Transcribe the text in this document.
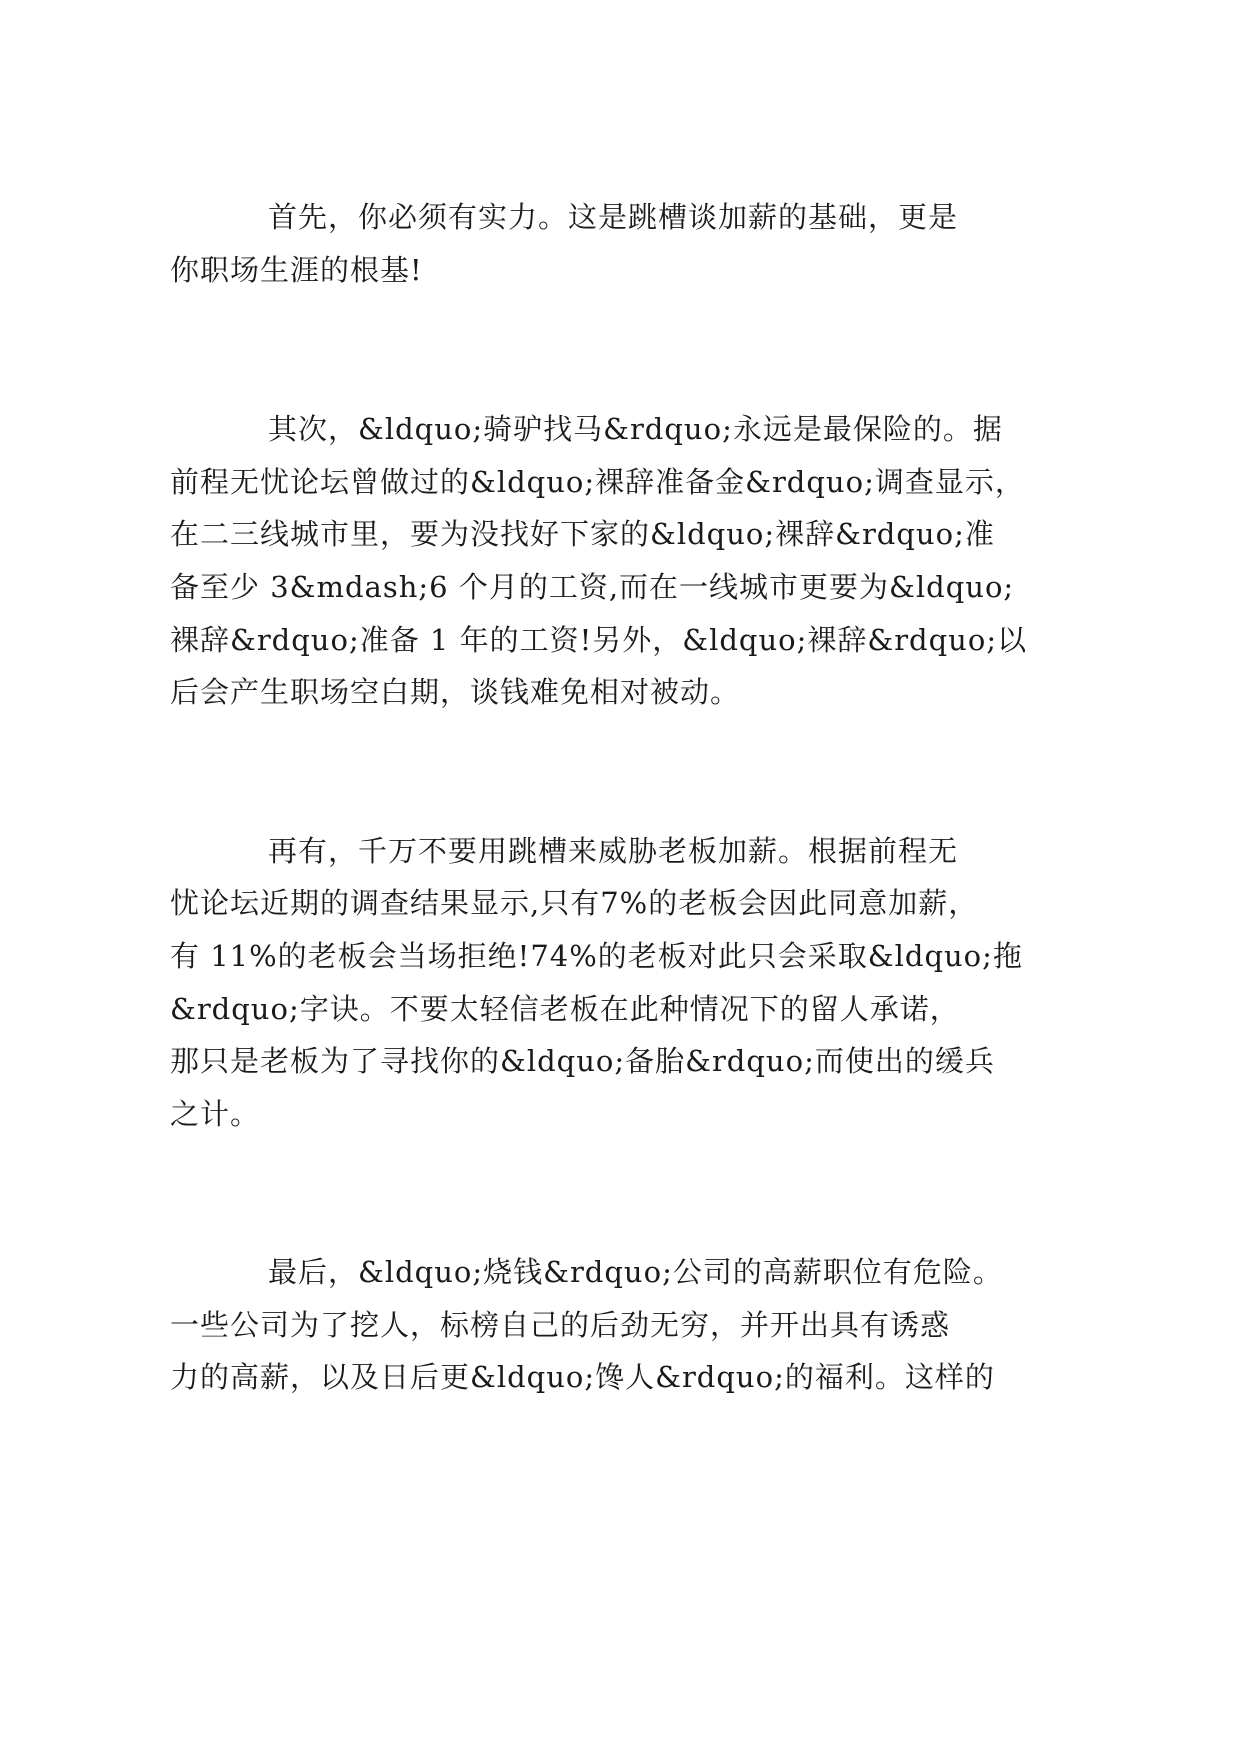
首先，你必须有实力。这是跳槽谈加薪的基础，更是
你职场生涯的根基!
其次，&ldquo;骑驴找马&rdquo;永远是最保险的。据
前程无忧论坛曾做过的&ldquo;裸辞准备金&rdquo;调查显示，
在二三线城市里，要为没找好下家的&ldquo;裸辞&rdquo;准
备至少 3&mdash;6 个月的工资,而在一线城市更要为&ldquo;
裸辞&rdquo;准备 1 年的工资!另外，&ldquo;裸辞&rdquo;以
后会产生职场空白期，谈钱难免相对被动。
再有，千万不要用跳槽来威胁老板加薪。根据前程无
忧论坛近期的调查结果显示,只有7%的老板会因此同意加薪，
有 11%的老板会当场拒绝!74%的老板对此只会采取&ldquo;拖
&rdquo;字诀。不要太轻信老板在此种情况下的留人承诺，
那只是老板为了寻找你的&ldquo;备胎&rdquo;而使出的缓兵
之计。
最后，&ldquo;烧钱&rdquo;公司的高薪职位有危险。
一些公司为了挖人，标榜自己的后劲无穷，并开出具有诱惑
力的高薪，以及日后更&ldquo;馋人&rdquo;的福利。这样的
